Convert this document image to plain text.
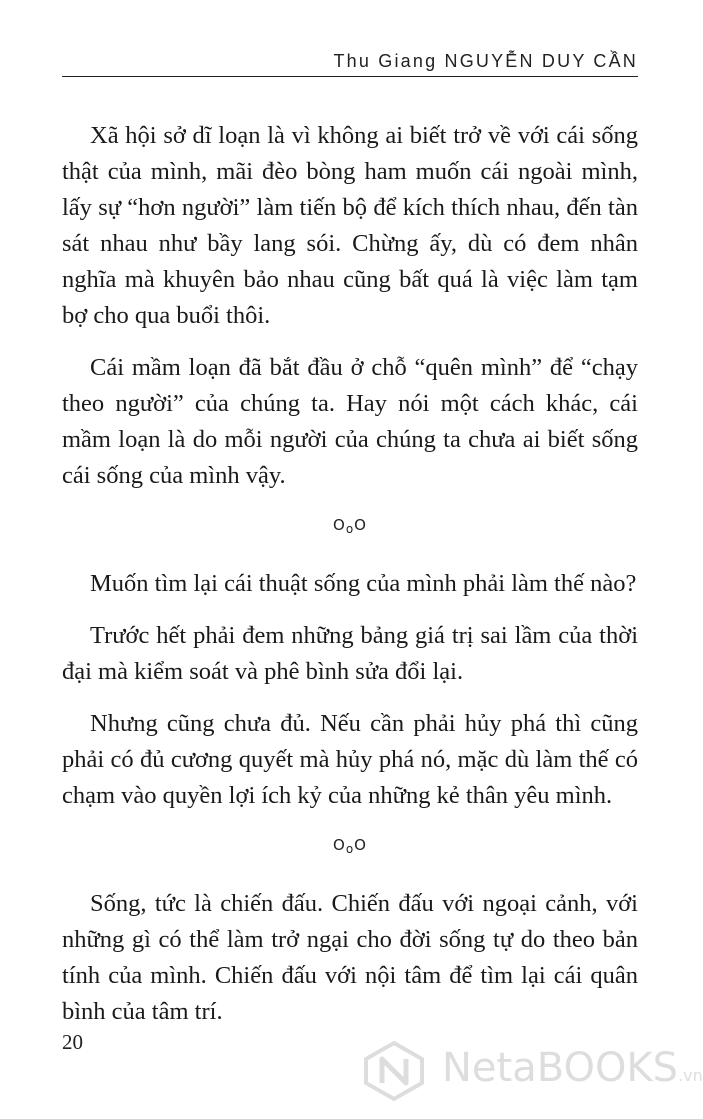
Thu Giang NGUYỄN DUY CẦN

Xã hội sở dĩ loạn là vì không ai biết trở về với cái sống thật của mình, mãi đèo bòng ham muốn cái ngoài mình, lấy sự “hơn người” làm tiến bộ để kích thích nhau, đến tàn sát nhau như bầy lang sói. Chừng ấy, dù có đem nhân nghĩa mà khuyên bảo nhau cũng bất quá là việc làm tạm bợ cho qua buổi thôi.

Cái mầm loạn đã bắt đầu ở chỗ “quên mình” để “chạy theo người” của chúng ta. Hay nói một cách khác, cái mầm loạn là do mỗi người của chúng ta chưa ai biết sống cái sống của mình vậy.

$O_oO$

Muốn tìm lại cái thuật sống của mình phải làm thế nào?

Trước hết phải đem những bảng giá trị sai lầm của thời đại mà kiểm soát và phê bình sửa đổi lại.

Nhưng cũng chưa đủ. Nếu cần phải hủy phá thì cũng phải có đủ cương quyết mà hủy phá nó, mặc dù làm thế có chạm vào quyền lợi ích kỷ của những kẻ thân yêu mình.

$O_oO$

Sống, tức là chiến đấu. Chiến đấu với ngoại cảnh, với những gì có thể làm trở ngại cho đời sống tự do theo bản tính của mình. Chiến đấu với nội tâm để tìm lại cái quân bình của tâm trí.

20
NetaBOOKS.vn
